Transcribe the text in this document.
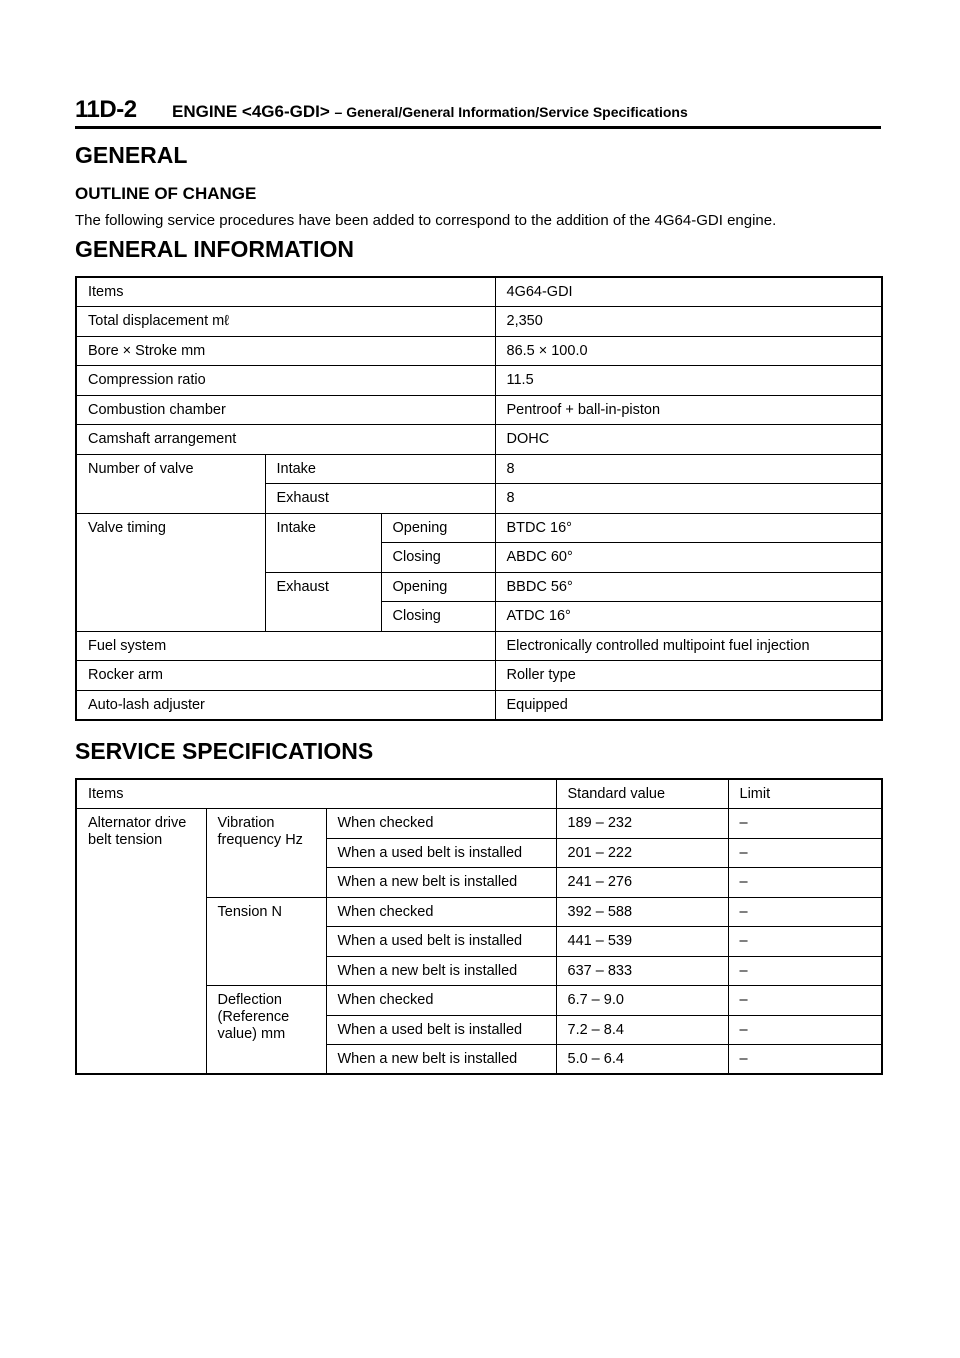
11D-2 ENGINE <4G6-GDI> – General/General Information/Service Specifications
GENERAL
OUTLINE OF CHANGE
The following service procedures have been added to correspond to the addition of the 4G64-GDI engine.
GENERAL INFORMATION
Items			4G64-GDI
Total displacement mℓ			2,350
Bore × Stroke mm			86.5 × 100.0
Compression ratio			11.5
Combustion chamber			Pentroof + ball-in-piston
Camshaft arrangement			DOHC
Number of valve	Intake		8
	Exhaust		8
Valve timing	Intake	Opening	BTDC 16°
		Closing	ABDC 60°
	Exhaust	Opening	BBDC 56°
		Closing	ATDC 16°
Fuel system			Electronically controlled multipoint fuel injection
Rocker arm			Roller type
Auto-lash adjuster			Equipped
SERVICE SPECIFICATIONS
Items			Standard value	Limit
Alternator drive belt tension	Vibration frequency Hz	When checked	189 – 232	–
		When a used belt is installed	201 – 222	–
		When a new belt is installed	241 – 276	–
	Tension N	When checked	392 – 588	–
		When a used belt is installed	441 – 539	–
		When a new belt is installed	637 – 833	–
	Deflection (Reference value) mm	When checked	6.7 – 9.0	–
		When a used belt is installed	7.2 – 8.4	–
		When a new belt is installed	5.0 – 6.4	–
